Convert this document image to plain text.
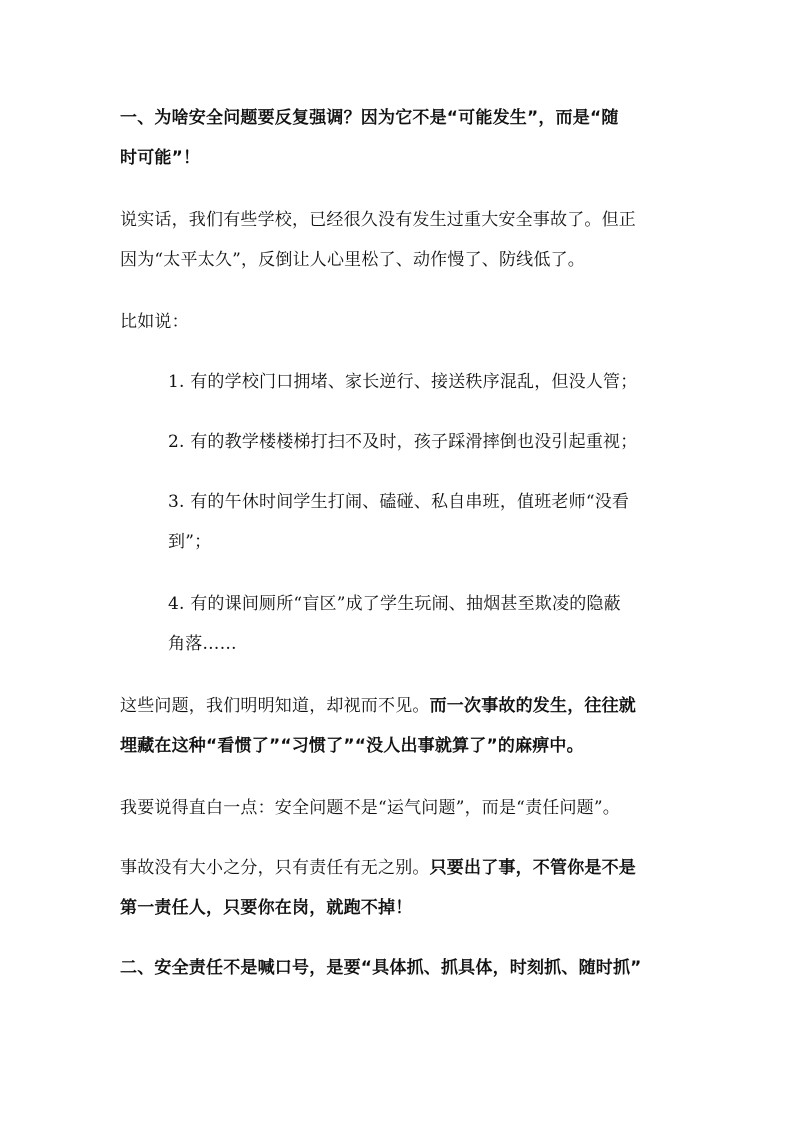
一、为啥安全问题要反复强调？因为它不是“可能发生”，而是“随
时可能”！
说实话，我们有些学校，已经很久没有发生过重大安全事故了。但正
因为“太平太久”，反倒让人心里松了、动作慢了、防线低了。
比如说：
1. 有的学校门口拥堵、家长逆行、接送秩序混乱，但没人管；
2. 有的教学楼楼梯打扫不及时，孩子踩滑摔倒也没引起重视；
3. 有的午休时间学生打闹、磕碰、私自串班，值班老师“没看
到”；
4. 有的课间厕所“盲区”成了学生玩闹、抽烟甚至欺凌的隐蔽
角落……
这些问题，我们明明知道，却视而不见。而一次事故的发生，往往就
埋藏在这种“看惯了”“习惯了”“没人出事就算了”的麻痹中。
我要说得直白一点：安全问题不是“运气问题”，而是“责任问题”。
事故没有大小之分，只有责任有无之别。只要出了事，不管你是不是
第一责任人，只要你在岗，就跑不掉！
二、安全责任不是喊口号，是要“具体抓、抓具体，时刻抓、随时抓”
